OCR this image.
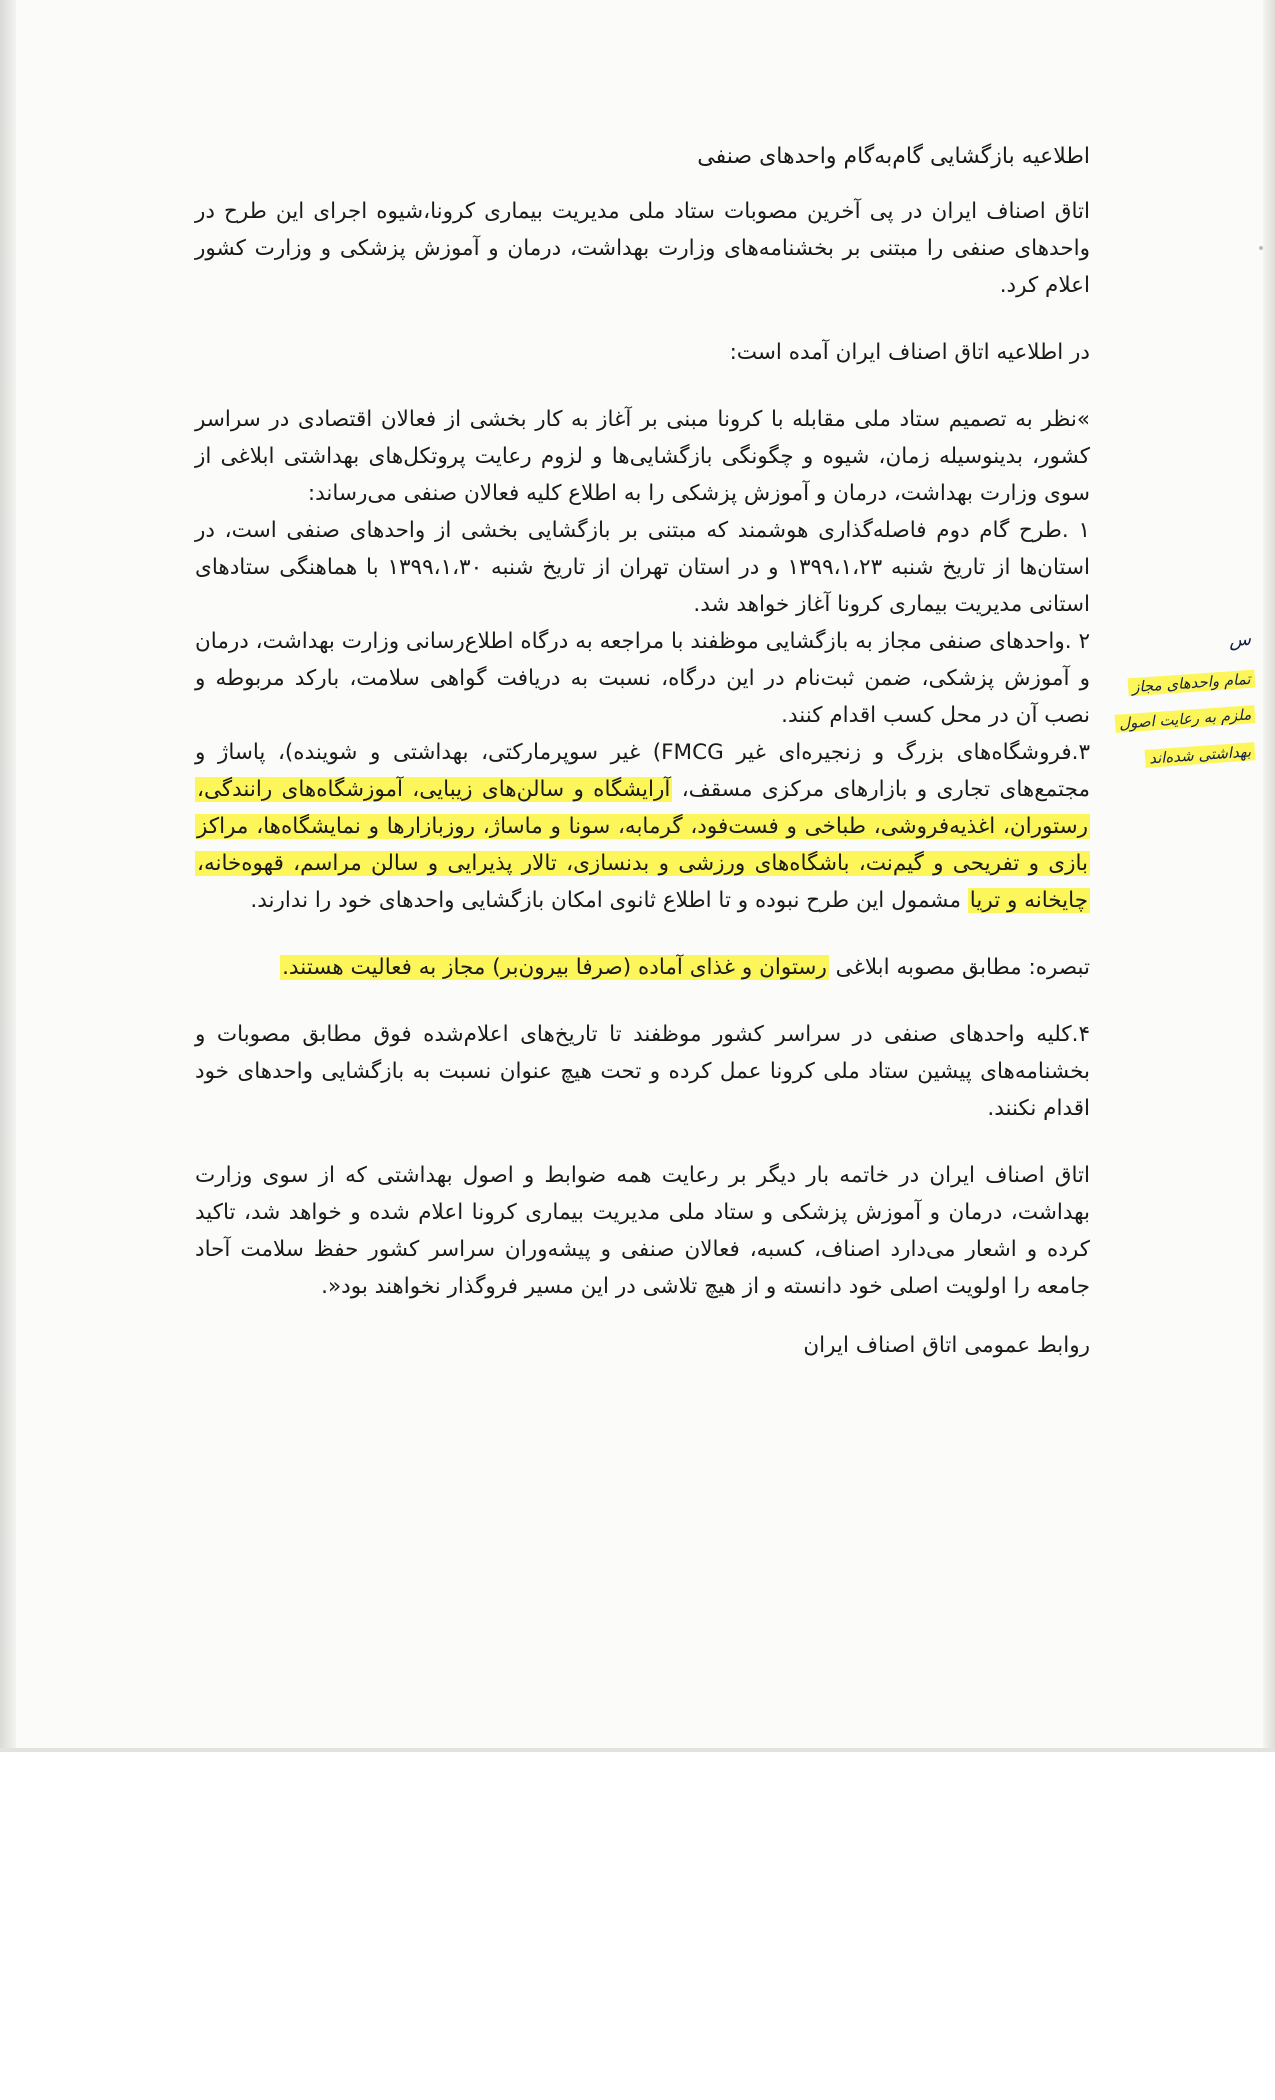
اطلاعیه بازگشایی گام‌به‌گام واحدهای صنفی

اتاق اصناف ایران در پی آخرین مصوبات ستاد ملی مدیریت بیماری کرونا،شیوه اجرای این طرح در واحدهای صنفی را مبتنی بر بخشنامه‌های وزارت بهداشت، درمان و آموزش پزشکی و وزارت کشور اعلام کرد.

در اطلاعیه اتاق اصناف ایران آمده است:

»نظر به تصمیم ستاد ملی مقابله با کرونا مبنی بر آغاز به کار بخشی از فعالان اقتصادی در سراسر کشور، بدینوسیله زمان، شیوه و چگونگی بازگشایی‌ها و لزوم رعایت پروتکل‌های بهداشتی ابلاغی از سوی وزارت بهداشت، درمان و آموزش پزشکی را به اطلاع کلیه فعالان صنفی می‌رساند:

۱ .طرح گام دوم فاصله‌گذاری هوشمند که مبتنی بر بازگشایی بخشی از واحدهای صنفی است، در استان‌ها از تاریخ شنبه ۱۳۹۹،۱،۲۳ و در استان تهران از تاریخ شنبه ۱۳۹۹،۱،۳۰ با هماهنگی ستادهای استانی مدیریت بیماری کرونا آغاز خواهد شد.

۲ .واحدهای صنفی مجاز به بازگشایی موظفند با مراجعه به درگاه اطلاع‌رسانی وزارت بهداشت، درمان و آموزش پزشکی، ضمن ثبت‌نام در این درگاه، نسبت به دریافت گواهی سلامت، بارکد مربوطه و نصب آن در محل کسب اقدام کنند.

۳.فروشگاه‌های بزرگ و زنجیره‌ای غیر FMCG) غیر سوپرمارکتی، بهداشتی و شوینده)، پاساژ و مجتمع‌های تجاری و بازارهای مرکزی مسقف، آرایشگاه و سالن‌های زیبایی، آموزشگاه‌های رانندگی، رستوران، اغذیه‌فروشی، طباخی و فست‌فود، گرمابه، سونا و ماساژ، روزبازارها و نمایشگاه‌ها، مراکز بازی و تفریحی و گیم‌نت، باشگاه‌های ورزشی و بدنسازی، تالار پذیرایی و سالن مراسم، قهوه‌خانه، چایخانه و تریا مشمول این طرح نبوده و تا اطلاع ثانوی امکان بازگشایی واحدهای خود را ندارند.

تبصره: مطابق مصوبه ابلاغی رستوان و غذای آماده (صرفا بیرون‌بر) مجاز به فعالیت هستند.

۴.کلیه واحدهای صنفی در سراسر کشور موظفند تا تاریخ‌های اعلام‌شده فوق مطابق مصوبات و بخشنامه‌های پیشین ستاد ملی کرونا عمل کرده و تحت هیچ عنوان نسبت به بازگشایی واحدهای خود اقدام نکنند.

اتاق اصناف ایران در خاتمه بار دیگر بر رعایت همه ضوابط و اصول بهداشتی که از سوی وزارت بهداشت، درمان و آموزش پزشکی و ستاد ملی مدیریت بیماری کرونا اعلام شده و خواهد شد، تاکید کرده و اشعار می‌دارد اصناف، کسبه، فعالان صنفی و پیشه‌وران سراسر کشور حفظ سلامت آحاد جامعه را اولویت اصلی خود دانسته و از هیچ تلاشی در این مسیر فروگذار نخواهند بود«.

روابط عمومی اتاق اصناف ایران

س
تمام واحدهای مجاز
ملزم به رعایت اصول
بهداشتی شده‌اند
